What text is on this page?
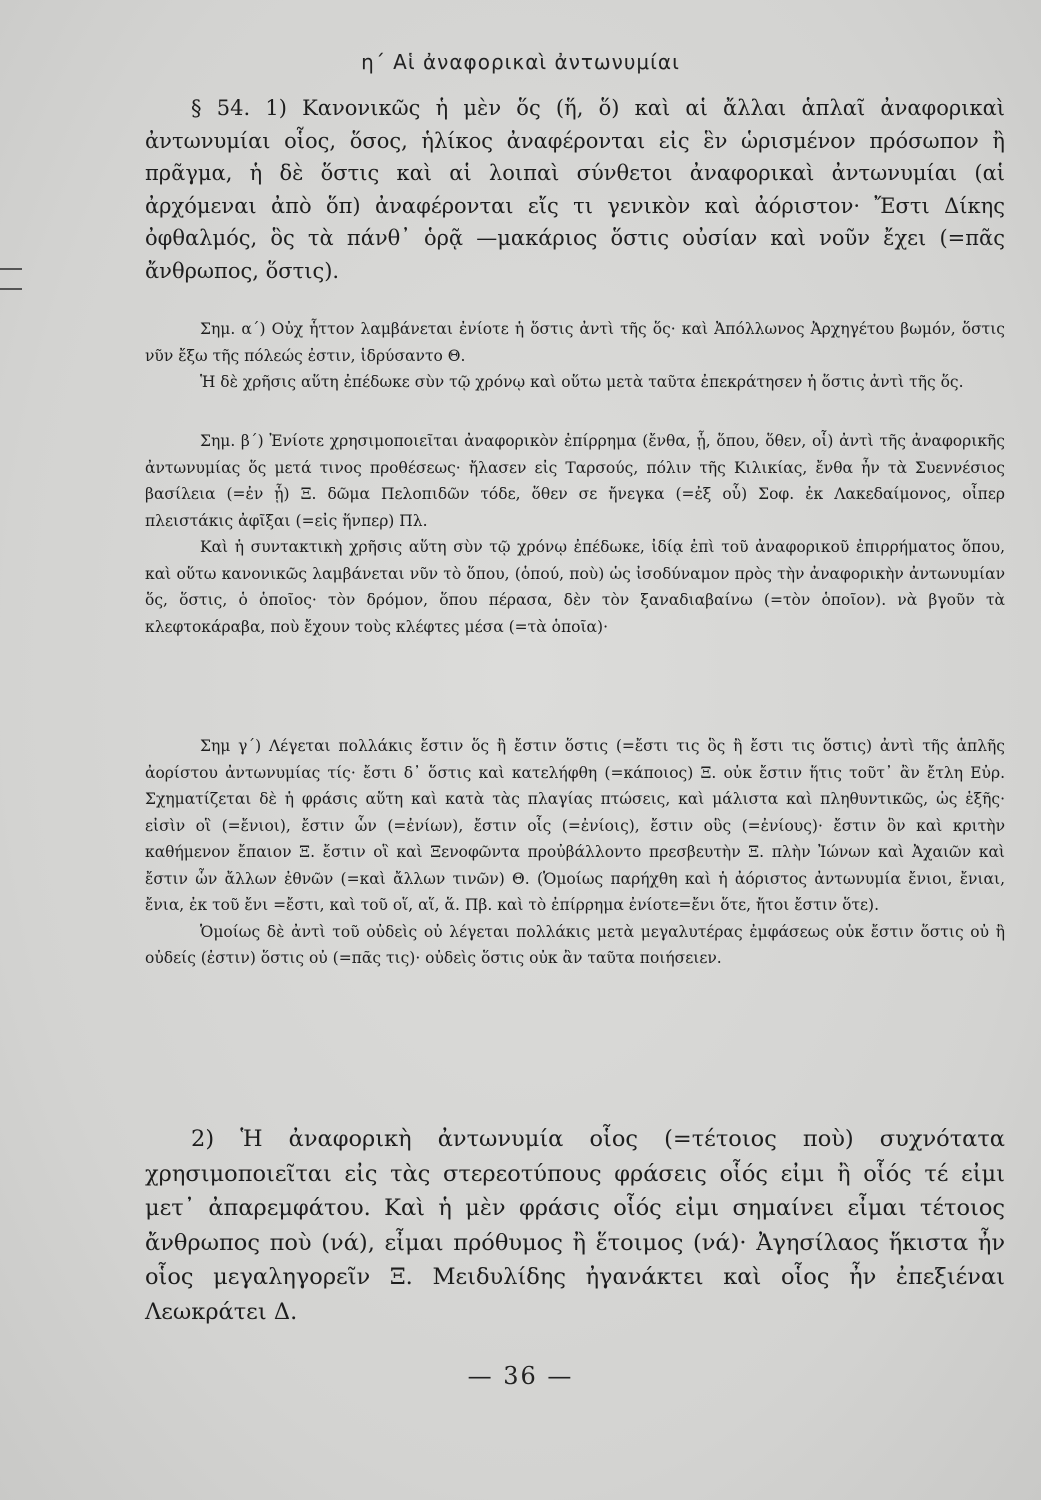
η΄ Αἱ ἀναφορικαὶ ἀντωνυμίαι

§ 54. 1) Κανονικῶς ἡ μὲν ὅς (ἥ, ὅ) καὶ αἱ ἄλλαι ἁπλαῖ ἀναφορικαὶ ἀντωνυμίαι οἷος, ὅσος, ἡλίκος ἀναφέρονται εἰς ἓν ὡρισμένον πρόσωπον ἢ πρᾶγμα, ἡ δὲ ὅστις καὶ αἱ λοιπαὶ σύνθετοι ἀναφορικαὶ ἀντωνυμίαι (αἱ ἀρχόμεναι ἀπὸ ὅπ) ἀναφέρονται εἴς τι γενικὸν καὶ ἀόριστον· Ἔστι Δίκης ὀφθαλμός, ὃς τὰ πάνθ᾽ ὁρᾷ —μακάριος ὅστις οὐσίαν καὶ νοῦν ἔχει (=πᾶς ἄνθρωπος, ὅστις).

Σημ. α΄) Οὐχ ἧττον λαμβάνεται ἐνίοτε ἡ ὅστις ἀντὶ τῆς ὅς· καὶ Ἀπόλλωνος Ἀρχηγέτου βωμόν, ὅστις νῦν ἔξω τῆς πόλεώς ἐστιν, ἱδρύσαντο Θ.

Ἡ δὲ χρῆσις αὕτη ἐπέδωκε σὺν τῷ χρόνῳ καὶ οὕτω μετὰ ταῦτα ἐπεκράτησεν ἡ ὅστις ἀντὶ τῆς ὅς.

Σημ. β΄) Ἐνίοτε χρησιμοποιεῖται ἀναφορικὸν ἐπίρρημα (ἔνθα, ᾗ, ὅπου, ὅθεν, οἷ) ἀντὶ τῆς ἀναφορικῆς ἀντωνυμίας ὅς μετά τινος προθέσεως· ἤλασεν εἰς Ταρσούς, πόλιν τῆς Κιλικίας, ἔνθα ἦν τὰ Συεννέσιος βασίλεια (=ἐν ᾗ) Ξ. δῶμα Πελοπιδῶν τόδε, ὅθεν σε ἤνεγκα (=ἐξ οὗ) Σοφ. ἐκ Λακεδαίμονος, οἶπερ πλειστάκις ἀφῖξαι (=εἰς ἥνπερ) Πλ.

Καὶ ἡ συντακτικὴ χρῆσις αὕτη σὺν τῷ χρόνῳ ἐπέδωκε, ἰδίᾳ ἐπὶ τοῦ ἀναφορικοῦ ἐπιρρήματος ὅπου, καὶ οὕτω κανονικῶς λαμβάνεται νῦν τὸ ὅπου, (ὁπού, ποὺ) ὡς ἰσοδύναμον πρὸς τὴν ἀναφορικὴν ἀντωνυμίαν ὅς, ὅστις, ὁ ὁποῖος· τὸν δρόμον, ὅπου πέρασα, δὲν τὸν ξαναδιαβαίνω (=τὸν ὁποῖον). νὰ βγοῦν τὰ κλεφτοκάραβα, ποὺ ἔχουν τοὺς κλέφτες μέσα (=τὰ ὁποῖα)·

Σημ γ΄) Λέγεται πολλάκις ἔστιν ὅς ἢ ἔστιν ὅστις (=ἔστι τις ὃς ἢ ἔστι τις ὅστις) ἀντὶ τῆς ἁπλῆς ἀορίστου ἀντωνυμίας τίς· ἔστι δ᾽ ὅστις καὶ κατελήφθη (=κάποιος) Ξ. οὐκ ἔστιν ἥτις τοῦτ᾽ ἂν ἔτλη Εὐρ. Σχηματίζεται δὲ ἡ φράσις αὕτη καὶ κατὰ τὰς πλαγίας πτώσεις, καὶ μάλιστα καὶ πληθυντικῶς, ὡς ἑξῆς· εἰσὶν οἳ (=ἔνιοι), ἔστιν ὧν (=ἐνίων), ἔστιν οἷς (=ἐνίοις), ἔστιν οὓς (=ἐνίους)· ἔστιν ὃν καὶ κριτὴν καθήμενον ἔπαιον Ξ. ἔστιν οἳ καὶ Ξενοφῶντα προὐβάλλοντο πρεσβευτὴν Ξ. πλὴν Ἰώνων καὶ Ἀχαιῶν καὶ ἔστιν ὧν ἄλλων ἐθνῶν (=καὶ ἄλλων τινῶν) Θ. (Ὁμοίως παρήχθη καὶ ἡ ἀόριστος ἀντωνυμία ἔνιοι, ἔνιαι, ἔνια, ἐκ τοῦ ἔνι =ἔστι, καὶ τοῦ οἵ, αἵ, ἅ. Πβ. καὶ τὸ ἐπίρρημα ἐνίοτε=ἔνι ὅτε, ἤτοι ἔστιν ὅτε).

Ὁμοίως δὲ ἀντὶ τοῦ οὐδεὶς οὐ λέγεται πολλάκις μετὰ μεγαλυτέρας ἐμφάσεως οὐκ ἔστιν ὅστις οὐ ἢ οὐδείς (ἐστιν) ὅστις οὐ (=πᾶς τις)· οὐδεὶς ὅστις οὐκ ἂν ταῦτα ποιήσειεν.

2) Ἡ ἀναφορικὴ ἀντωνυμία οἷος (=τέτοιος ποὺ) συχνότατα χρησιμοποιεῖται εἰς τὰς στερεοτύπους φράσεις οἷός εἰμι ἢ οἷός τέ εἰμι μετ᾽ ἀπαρεμφάτου. Καὶ ἡ μὲν φράσις οἷός εἰμι σημαίνει εἶμαι τέτοιος ἄνθρωπος ποὺ (νά), εἶμαι πρόθυμος ἢ ἕτοιμος (νά)· Ἀγησίλαος ἥκιστα ἦν οἷος μεγαληγορεῖν Ξ. Μειδυλίδης ἠγανάκτει καὶ οἷος ἦν ἐπεξιέναι Λεωκράτει Δ.

— 36 —
